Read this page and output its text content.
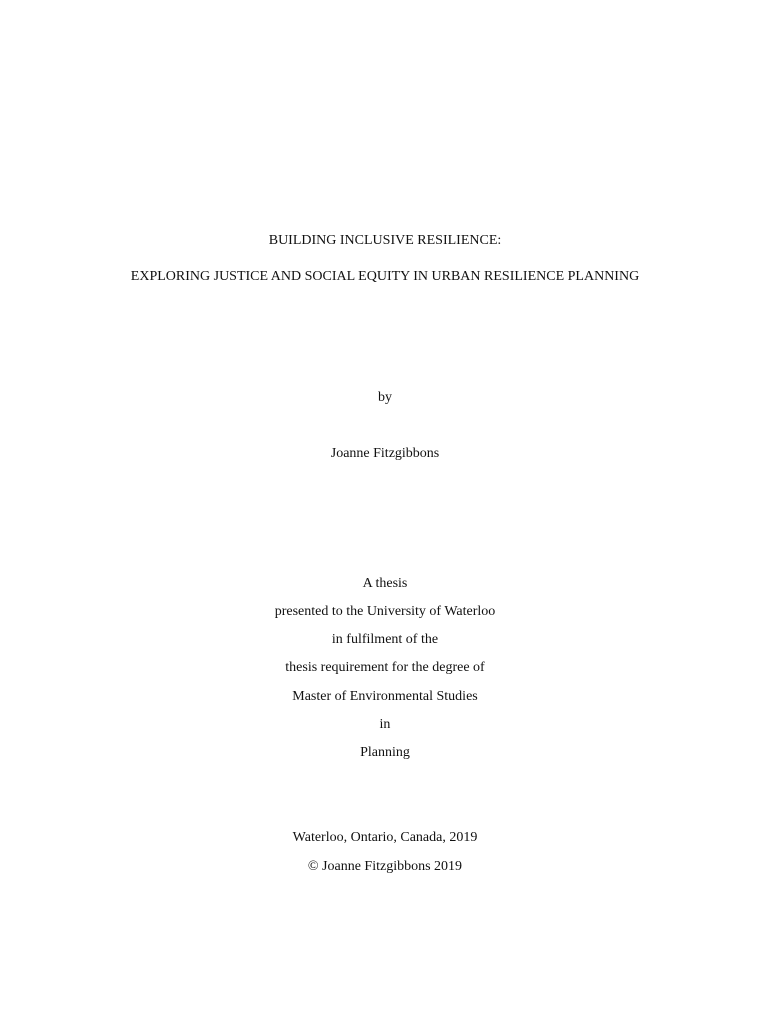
BUILDING INCLUSIVE RESILIENCE:
EXPLORING JUSTICE AND SOCIAL EQUITY IN URBAN RESILIENCE PLANNING
by
Joanne Fitzgibbons
A thesis
presented to the University of Waterloo
in fulfilment of the
thesis requirement for the degree of
Master of Environmental Studies
in
Planning
Waterloo, Ontario, Canada, 2019
© Joanne Fitzgibbons 2019
